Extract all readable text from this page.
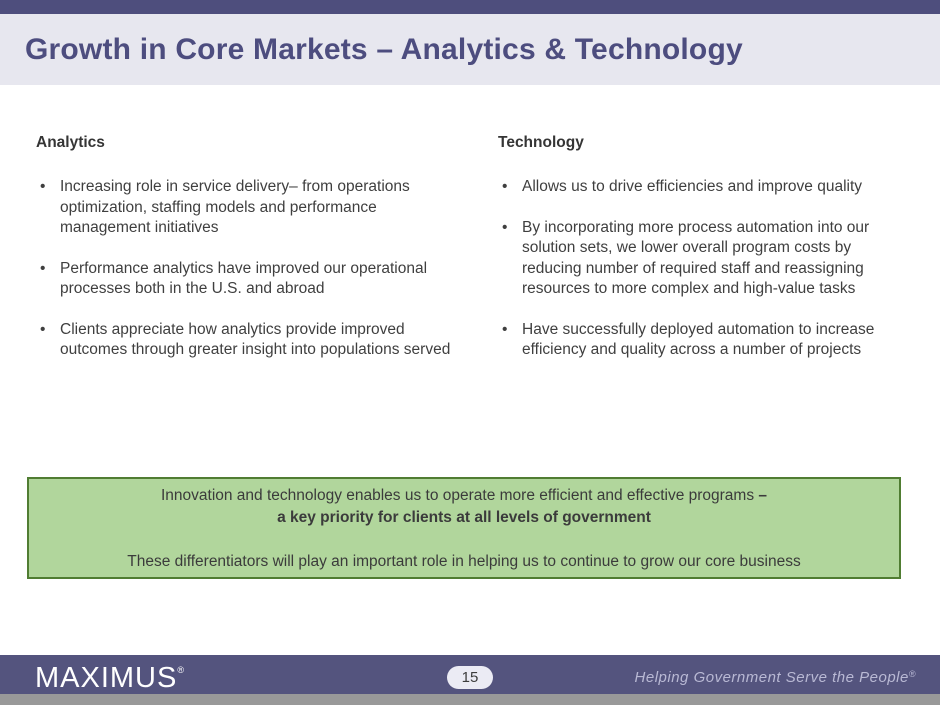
Growth in Core Markets – Analytics & Technology
Analytics
• Increasing role in service delivery– from operations optimization, staffing models and performance management initiatives
• Performance analytics have improved our operational processes both in the U.S. and abroad
• Clients appreciate how analytics provide improved outcomes through greater insight into populations served
Technology
• Allows us to drive efficiencies and improve quality
• By incorporating more process automation into our solution sets, we lower overall program costs by reducing number of required staff and reassigning resources to more complex and high-value tasks
• Have successfully deployed automation to increase efficiency and quality across a number of projects
Innovation and technology enables us to operate more efficient and effective programs –
a key priority for clients at all levels of government
These differentiators will play an important role in helping us to continue to grow our core business
MAXIMUS®	15	Helping Government Serve the People®
